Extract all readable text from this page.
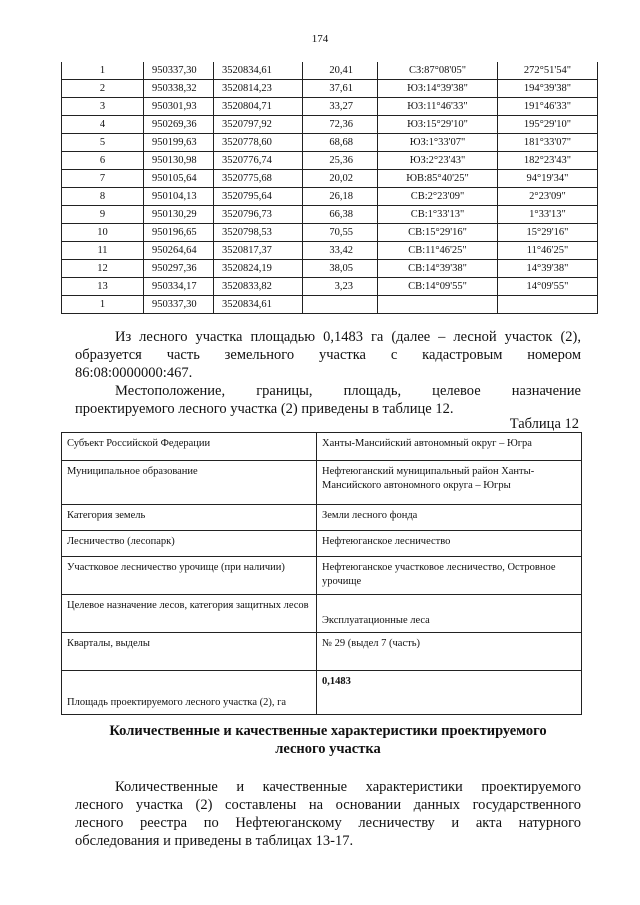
174
1	950337,30	3520834,61	20,41	СЗ:87°08'05"	272°51'54"
2	950338,32	3520814,23	37,61	ЮЗ:14°39'38"	194°39'38"
3	950301,93	3520804,71	33,27	ЮЗ:11°46'33"	191°46'33"
4	950269,36	3520797,92	72,36	ЮЗ:15°29'10"	195°29'10"
5	950199,63	3520778,60	68,68	ЮЗ:1°33'07"	181°33'07"
6	950130,98	3520776,74	25,36	ЮЗ:2°23'43"	182°23'43"
7	950105,64	3520775,68	20,02	ЮВ:85°40'25"	94°19'34"
8	950104,13	3520795,64	26,18	СВ:2°23'09"	2°23'09"
9	950130,29	3520796,73	66,38	СВ:1°33'13"	1°33'13"
10	950196,65	3520798,53	70,55	СВ:15°29'16"	15°29'16"
11	950264,64	3520817,37	33,42	СВ:11°46'25"	11°46'25"
12	950297,36	3520824,19	38,05	СВ:14°39'38"	14°39'38"
13	950334,17	3520833,82	3,23	СВ:14°09'55"	14°09'55"
1	950337,30	3520834,61			

Из лесного участка площадью 0,1483 га (далее – лесной участок (2),

образуется часть земельного участка с кадастровым номером

86:08:0000000:467.

Местоположение, границы, площадь, целевое назначение

проектируемого лесного участка (2) приведены в таблице 12.

Таблица 12
Субъект Российской Федерации	Ханты-Мансийский автономный округ – Югра
Муниципальное образование	Нефтеюганский муниципальный район Ханты-Мансийского автономного округа – Югры
Категория земель	Земли лесного фонда
Лесничество (лесопарк)	Нефтеюганское лесничество
Участковое лесничество урочище (при наличии)	Нефтеюганское участковое лесничество, Островное урочище
Целевое назначение лесов, категория защитных лесов	Эксплуатационные леса
Кварталы, выделы	№ 29 (выдел 7 (часть)
Площадь проектируемого лесного участка (2), га	0,1483

Количественные и качественные характеристики проектируемого
лесного участка

Количественные и качественные характеристики проектируемого

лесного участка (2) составлены на основании данных государственного

лесного реестра по Нефтеюганскому лесничеству и акта натурного

обследования и приведены в таблицах 13-17.
